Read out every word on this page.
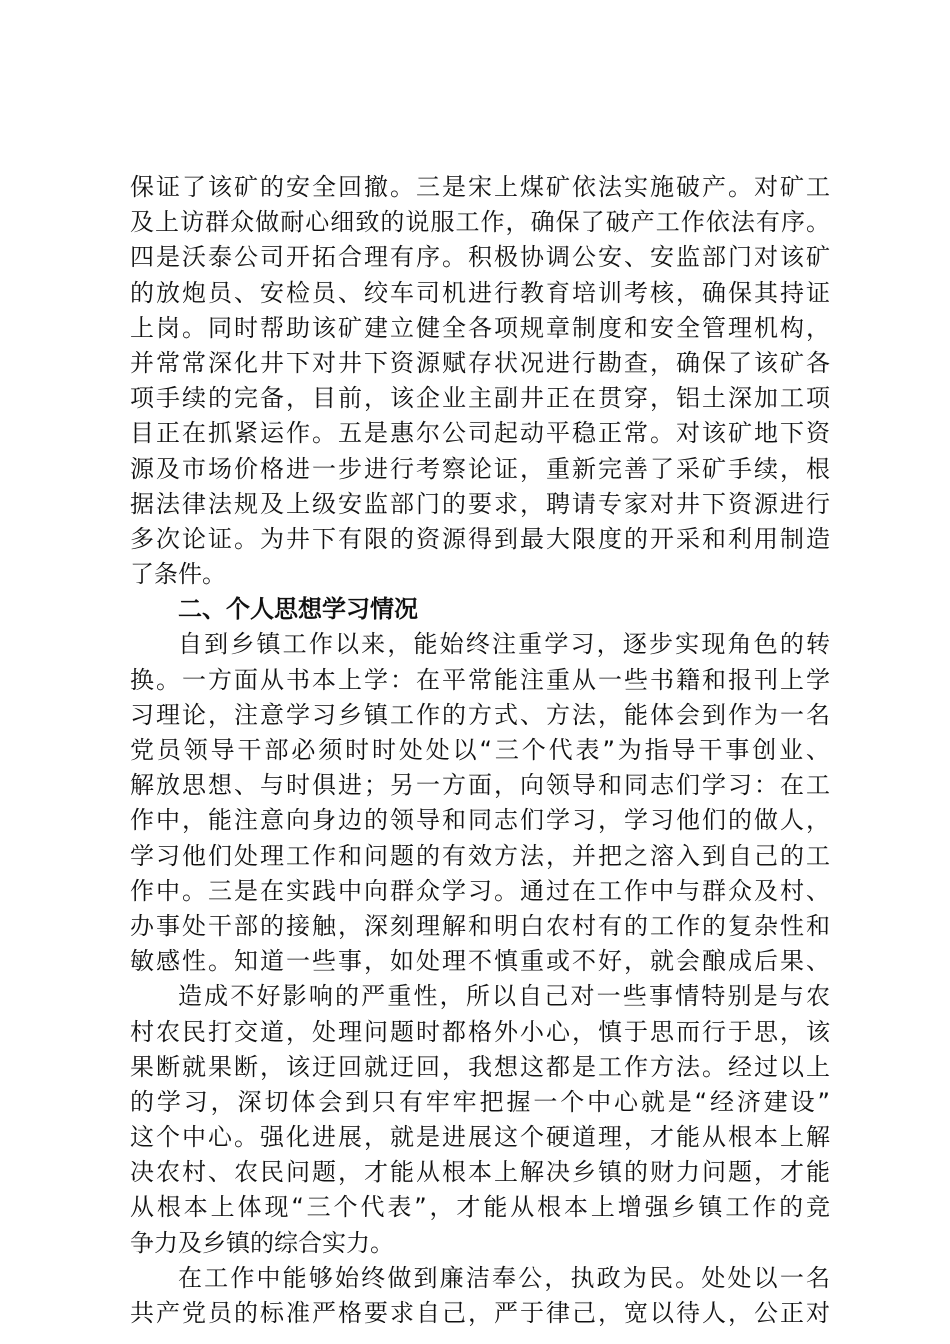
保证了该矿的安全回撤。三是宋上煤矿依法实施破产。对矿工
及上访群众做耐心细致的说服工作，确保了破产工作依法有序。
四是沃泰公司开拓合理有序。积极协调公安、安监部门对该矿
的放炮员、安检员、绞车司机进行教育培训考核，确保其持证
上岗。同时帮助该矿建立健全各项规章制度和安全管理机构，
并常常深化井下对井下资源赋存状况进行勘查，确保了该矿各
项手续的完备，目前，该企业主副井正在贯穿，铝土深加工项
目正在抓紧运作。五是惠尔公司起动平稳正常。对该矿地下资
源及市场价格进一步进行考察论证，重新完善了采矿手续，根
据法律法规及上级安监部门的要求，聘请专家对井下资源进行
多次论证。为井下有限的资源得到最大限度的开采和利用制造
了条件。
二、个人思想学习情况
自到乡镇工作以来，能始终注重学习，逐步实现角色的转
换。一方面从书本上学：在平常能注重从一些书籍和报刊上学
习理论，注意学习乡镇工作的方式、方法，能体会到作为一名
党员领导干部必须时时处处以“三个代表”为指导干事创业、
解放思想、与时俱进；另一方面，向领导和同志们学习：在工
作中，能注意向身边的领导和同志们学习，学习他们的做人，
学习他们处理工作和问题的有效方法，并把之溶入到自己的工
作中。三是在实践中向群众学习。通过在工作中与群众及村、
办事处干部的接触，深刻理解和明白农村有的工作的复杂性和
敏感性。知道一些事，如处理不慎重或不好，就会酿成后果、
造成不好影响的严重性，所以自己对一些事情特别是与农
村农民打交道，处理问题时都格外小心，慎于思而行于思，该
果断就果断，该迂回就迂回，我想这都是工作方法。经过以上
的学习，深切体会到只有牢牢把握一个中心就是“经济建设”
这个中心。强化进展，就是进展这个硬道理，才能从根本上解
决农村、农民问题，才能从根本上解决乡镇的财力问题，才能
从根本上体现“三个代表”，才能从根本上增强乡镇工作的竞
争力及乡镇的综合实力。
在工作中能够始终做到廉洁奉公，执政为民。处处以一名
共产党员的标准严格要求自己，严于律己，宽以待人，公正对
